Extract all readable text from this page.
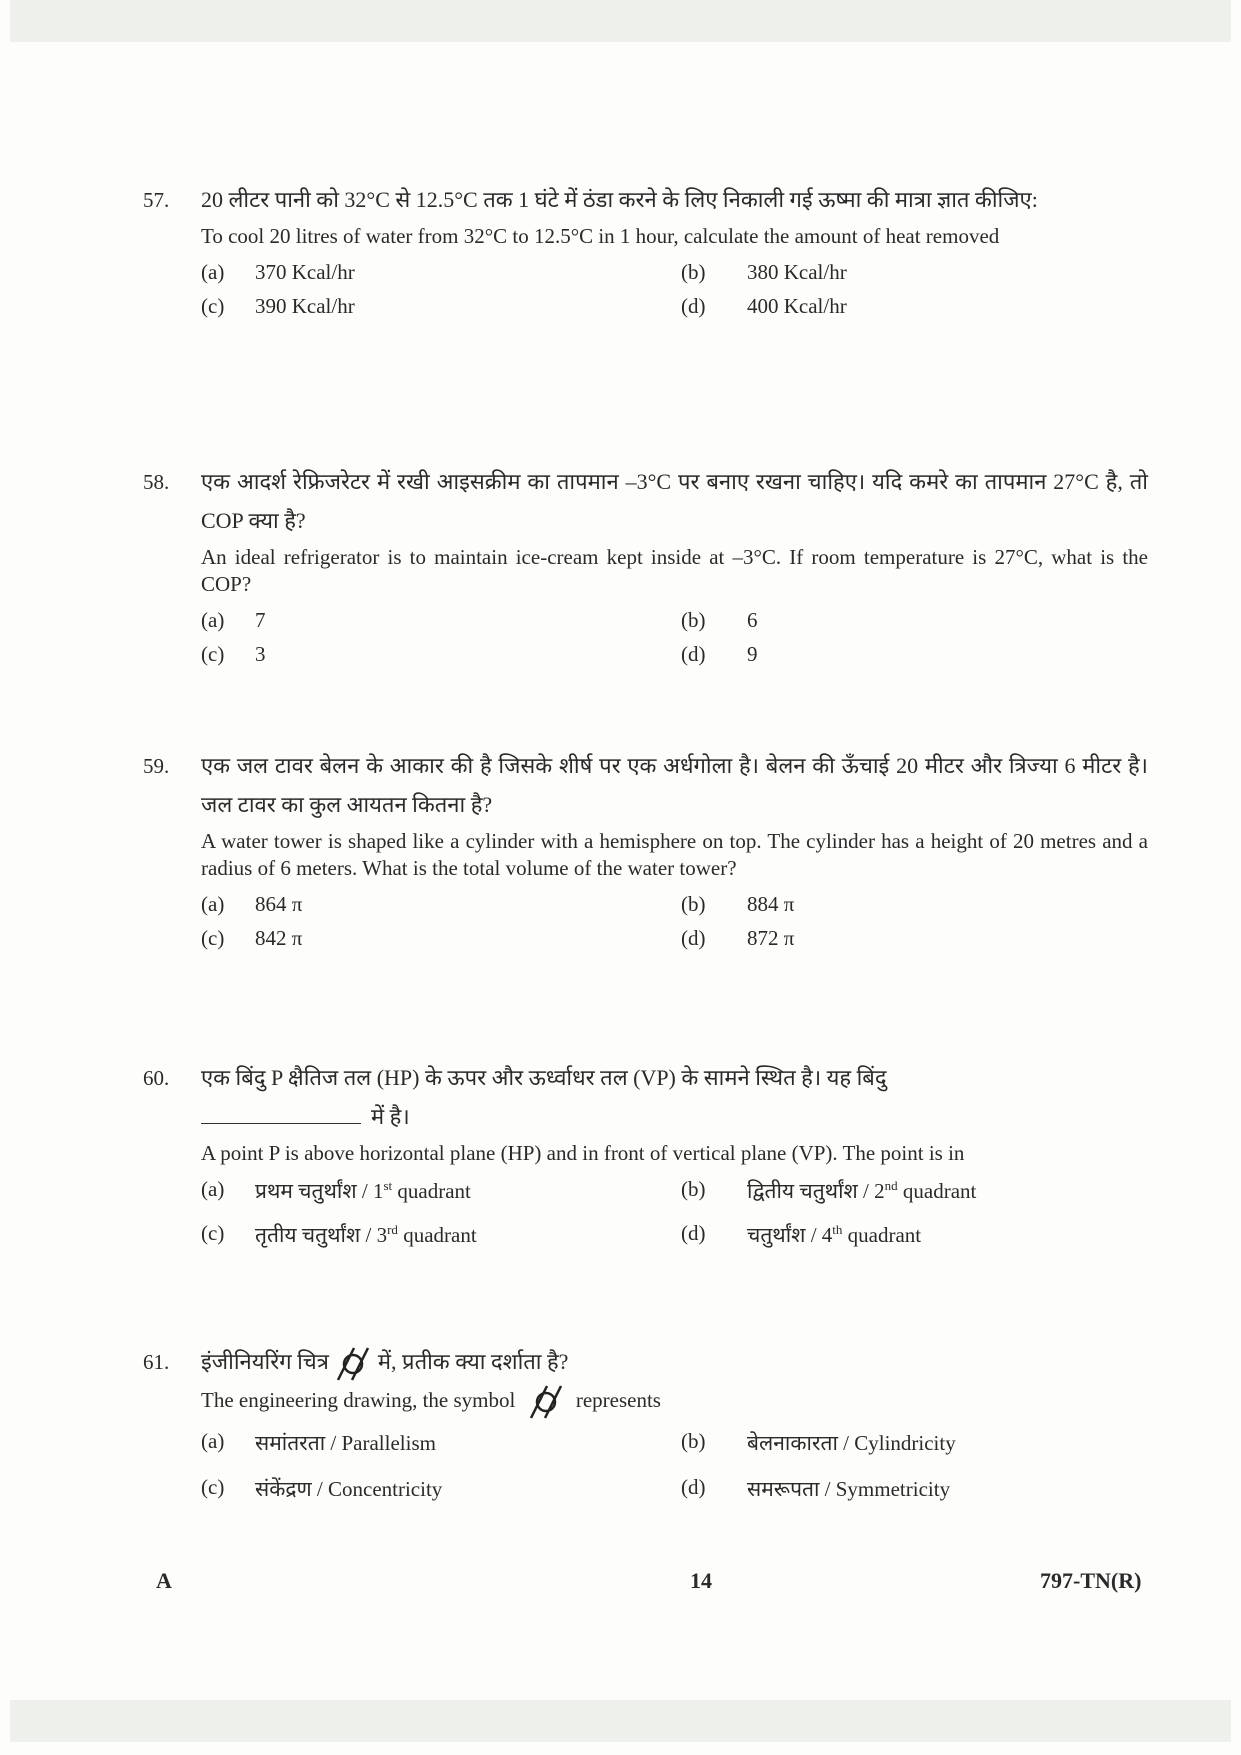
57. 20 लीटर पानी को 32°C से 12.5°C तक 1 घंटे में ठंडा करने के लिए निकाली गई ऊष्मा की मात्रा ज्ञात कीजिए:
To cool 20 litres of water from 32°C to 12.5°C in 1 hour, calculate the amount of heat removed
(a)	370 Kcal/hr	(b)	380 Kcal/hr
(c)	390 Kcal/hr	(d)	400 Kcal/hr
58. एक आदर्श रेफ्रिजरेटर में रखी आइसक्रीम का तापमान –3°C पर बनाए रखना चाहिए। यदि कमरे का तापमान 27°C है, तो COP क्या है?
An ideal refrigerator is to maintain ice-cream kept inside at –3°C. If room temperature is 27°C, what is the COP?
(a)	7	(b)	6
(c)	3	(d)	9
59. एक जल टावर बेलन के आकार की है जिसके शीर्ष पर एक अर्धगोला है। बेलन की ऊँचाई 20 मीटर और त्रिज्या 6 मीटर है। जल टावर का कुल आयतन कितना है?
A water tower is shaped like a cylinder with a hemisphere on top. The cylinder has a height of 20 metres and a radius of 6 meters. What is the total volume of the water tower?
(a)	864 π	(b)	884 π
(c)	842 π	(d)	872 π
60. एक बिंदु P क्षैतिज तल (HP) के ऊपर और ऊर्ध्वाधर तल (VP) के सामने स्थित है। यह बिंदु
में है।
A point P is above horizontal plane (HP) and in front of vertical plane (VP). The point is in
(a)	प्रथम चतुर्थांश / 1st quadrant	(b)	द्वितीय चतुर्थांश / 2nd quadrant
(c)	तृतीय चतुर्थांश / 3rd quadrant	(d)	चतुर्थांश / 4th quadrant
61. इंजीनियरिंग चित्र में, प्रतीक क्या दर्शाता है?
The engineering drawing, the symbol	represents
(a)	समांतरता / Parallelism	(b)	बेलनाकारता / Cylindricity
(c)	संकेंद्रण / Concentricity	(d)	समरूपता / Symmetricity
A	14	797-TN(R)
